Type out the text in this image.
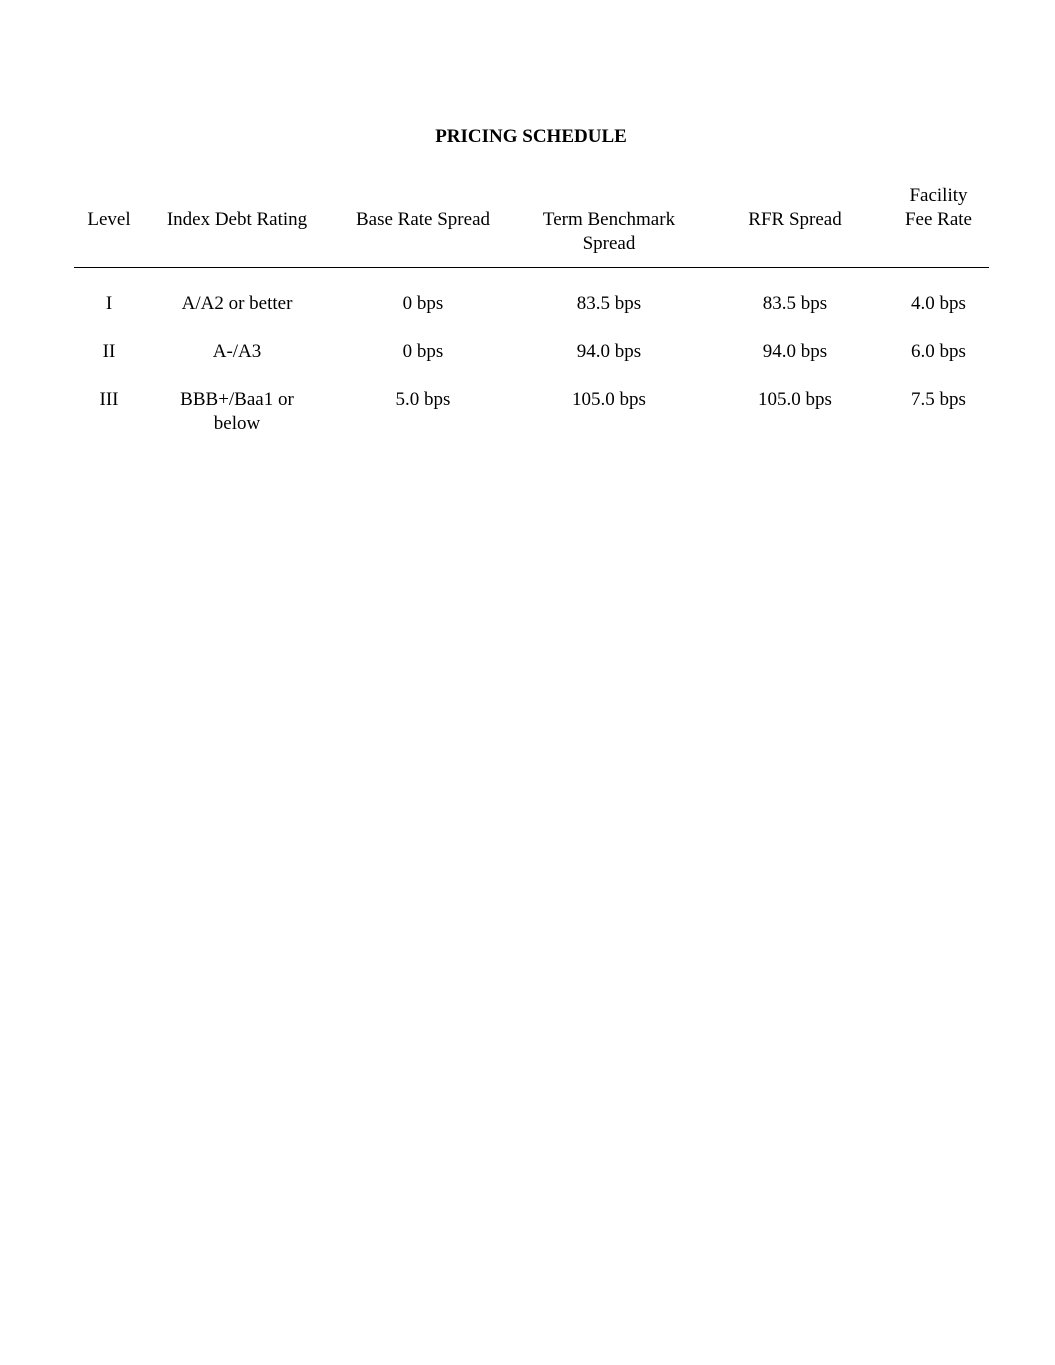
PRICING SCHEDULE
Level	Index Debt Rating	Base Rate Spread	Term Benchmark Spread	RFR Spread	Facility Fee Rate
I	A/A2 or better	0 bps	83.5 bps	83.5 bps	4.0 bps
II	A-/A3	0 bps	94.0 bps	94.0 bps	6.0 bps
III	BBB+/Baa1 or below	5.0 bps	105.0 bps	105.0 bps	7.5 bps
